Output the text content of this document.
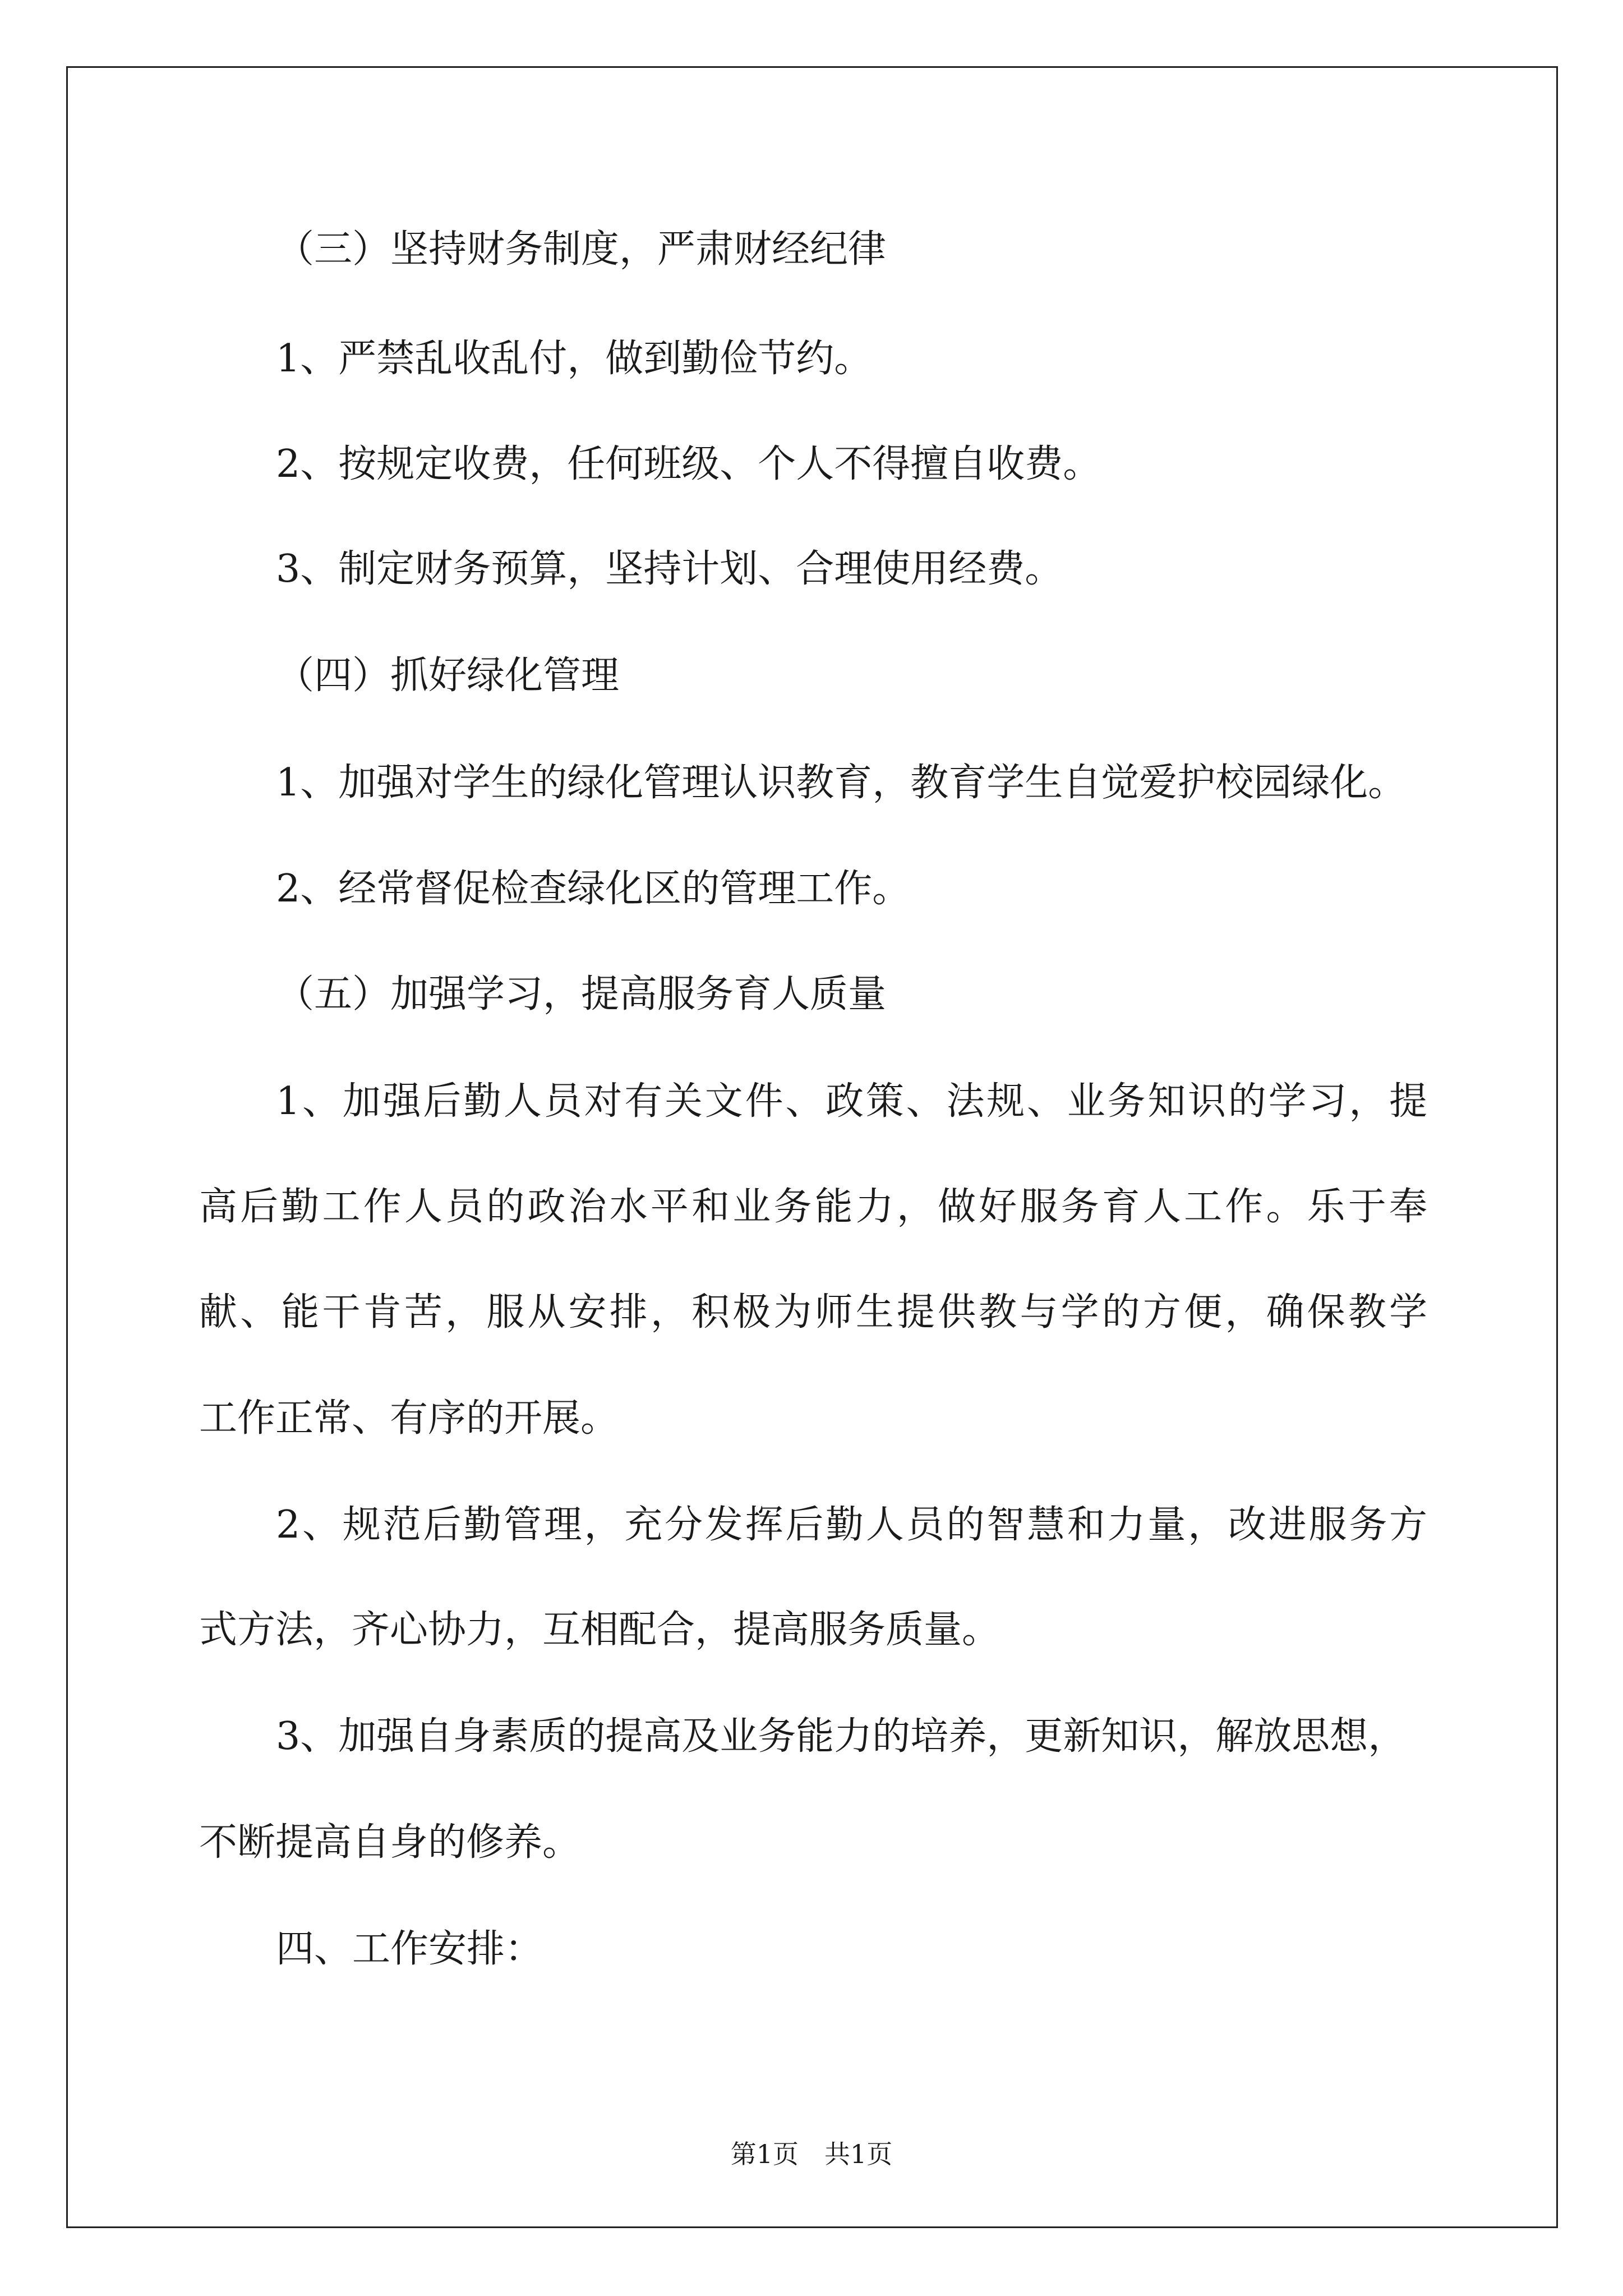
（三）坚持财务制度，严肃财经纪律
1、严禁乱收乱付，做到勤俭节约。
2、按规定收费，任何班级、个人不得擅自收费。
3、制定财务预算，坚持计划、合理使用经费。
（四）抓好绿化管理
1、加强对学生的绿化管理认识教育，教育学生自觉爱护校园绿化。
2、经常督促检查绿化区的管理工作。
（五）加强学习，提高服务育人质量
1、加强后勤人员对有关文件、政策、法规、业务知识的学习，提
高后勤工作人员的政治水平和业务能力，做好服务育人工作。乐于奉
献、能干肯苦，服从安排，积极为师生提供教与学的方便，确保教学
工作正常、有序的开展。
2、规范后勤管理，充分发挥后勤人员的智慧和力量，改进服务方
式方法，齐心协力，互相配合，提高服务质量。
3、加强自身素质的提高及业务能力的培养，更新知识，解放思想，
不断提高自身的修养。
四、工作安排：
第1页　共1页
